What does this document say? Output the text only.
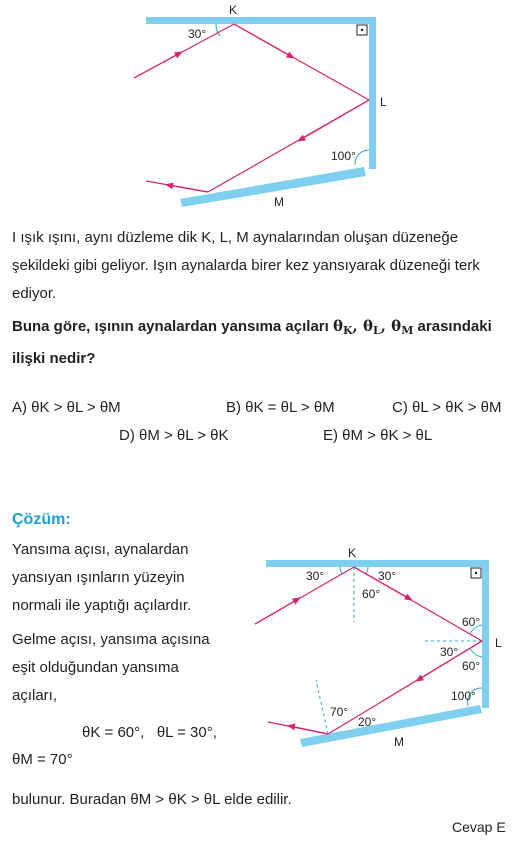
K
L
M
30°
100°
I ışık ışını, aynı düzleme dik K, L, M aynalarından oluşan düzeneğe şekildeki gibi geliyor. Işın aynalarda birer kez yansıyarak düzeneği terk ediyor.
Buna göre, ışının aynalardan yansıma açıları $\theta_K$, $\theta_L$, $\theta_M$ arasındaki ilişki nedir?
A) θK > θL > θM	B) θK = θL > θM	C) θL > θK > θM
D) θM > θL > θK	E) θM > θK > θL
Çözüm:
Yansıma açısı, aynalardan yansıyan ışınların yüzeyin normali ile yaptığı açılardır.
Gelme açısı, yansıma açısına eşit olduğundan yansıma açıları,
θK = 60°, θL = 30°,
θM = 70°
bulunur. Buradan θM > θK > θL elde edilir.
Cevap E
K
L
M
30°	30°
60°
60°
30°
60°
100°
70°
20°
